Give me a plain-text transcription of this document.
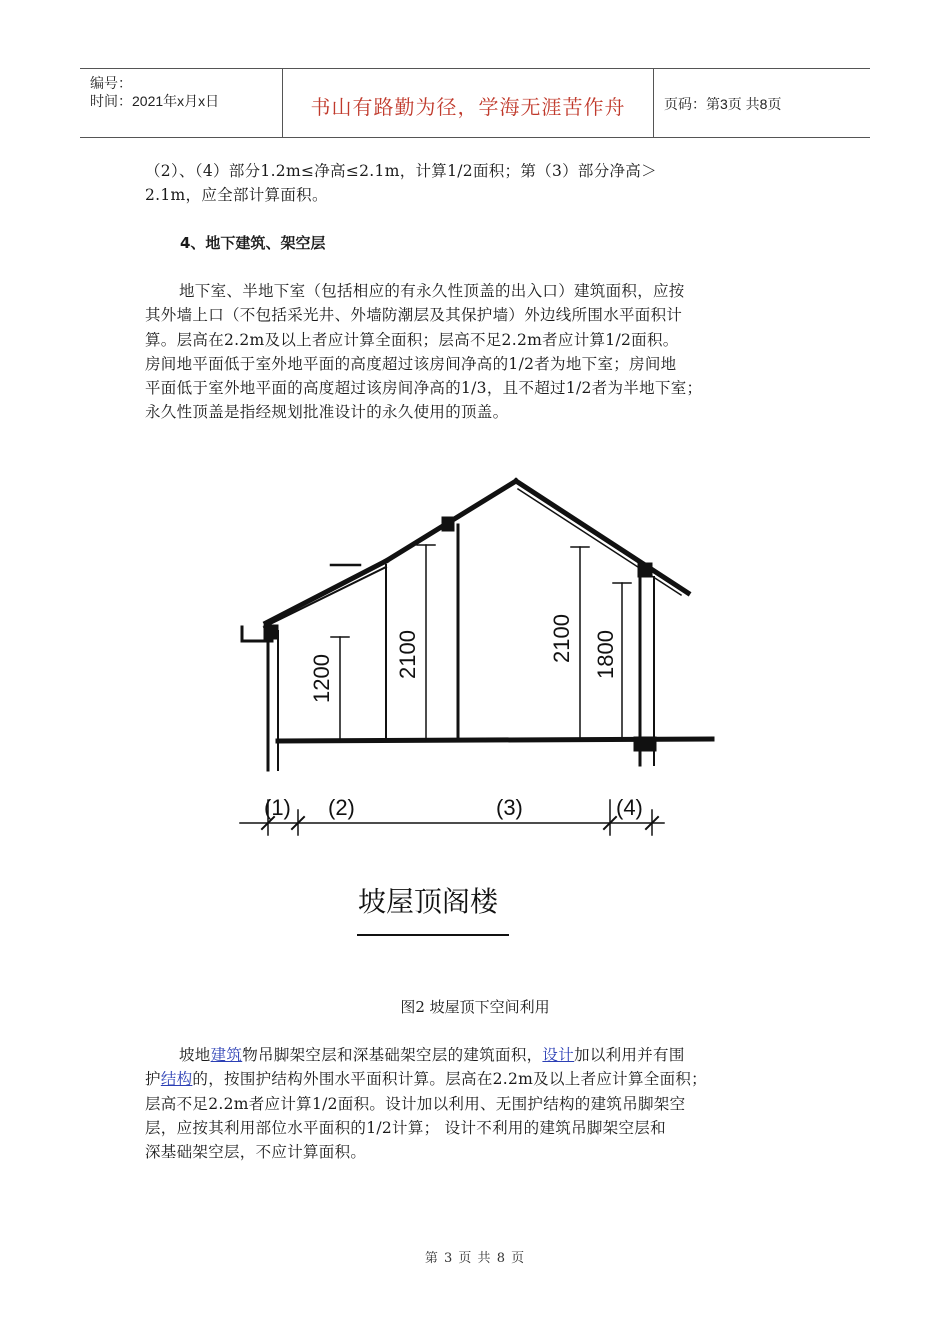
编号：
时间：2021年x月x日	书山有路勤为径，学海无涯苦作舟	页码：第3页 共8页
（2）、（4）部分1.2m≤净高≤2.1m，计算1/2面积；第（3）部分净高＞
2.1m，应全部计算面积。
4、地下建筑、架空层
地下室、半地下室（包括相应的有永久性顶盖的出入口）建筑面积，应按
其外墙上口（不包括采光井、外墙防潮层及其保护墙）外边线所围水平面积计
算。层高在2.2m及以上者应计算全面积；层高不足2.2m者应计算1/2面积。
房间地平面低于室外地平面的高度超过该房间净高的1/2者为地下室；房间地
平面低于室外地平面的高度超过该房间净高的1/3，且不超过1/2者为半地下室；
永久性顶盖是指经规划批准设计的永久使用的顶盖。
1200	2100	2100 1800
(1) (2)	(3)	(4)
坡屋顶阁楼
图2 坡屋顶下空间利用
坡地建筑物吊脚架空层和深基础架空层的建筑面积，设计加以利用并有围
护结构的，按围护结构外围水平面积计算。层高在2.2m及以上者应计算全面积；
层高不足2.2m者应计算1/2面积。设计加以利用、无围护结构的建筑吊脚架空
层，应按其利用部位水平面积的1/2计算； 设计不利用的建筑吊脚架空层和
深基础架空层，不应计算面积。
第 3 页 共 8 页
